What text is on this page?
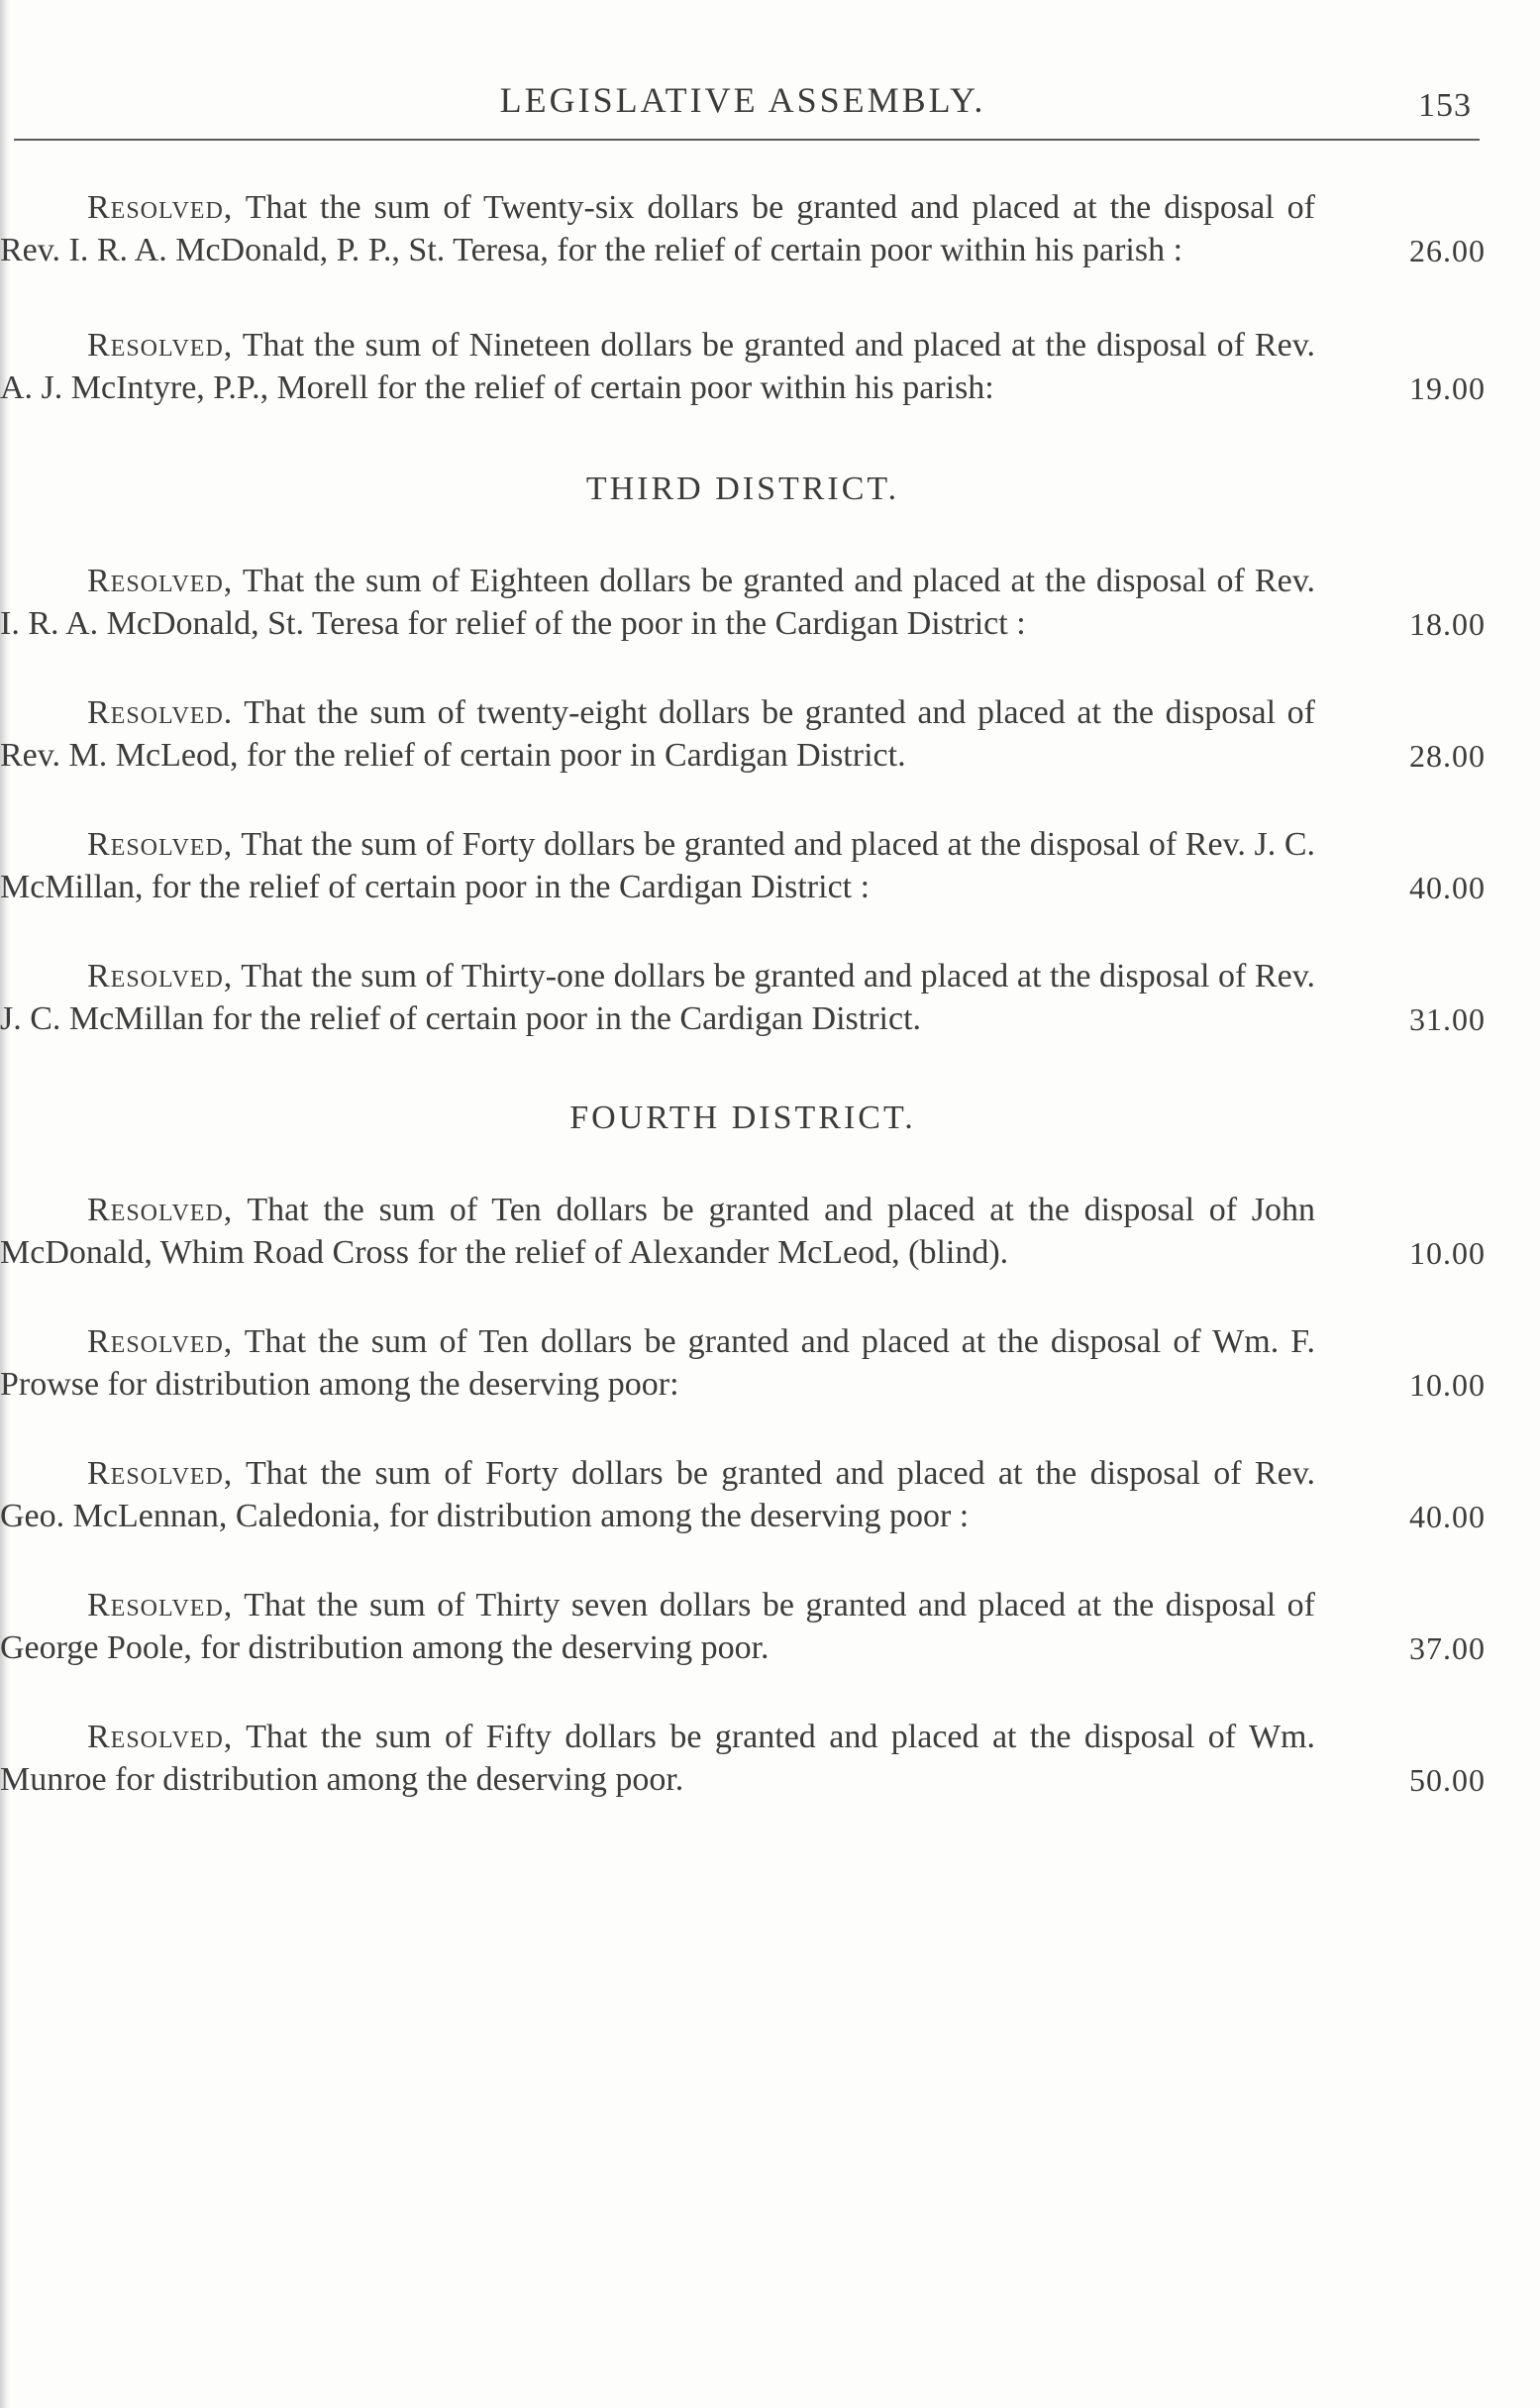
LEGISLATIVE ASSEMBLY.	153
Resolved, That the sum of Twenty-six dollars be granted and placed at the disposal of Rev. I. R. A. McDonald, P. P., St. Teresa, for the relief of certain poor within his parish :	26.00
Resolved, That the sum of Nineteen dollars be granted and placed at the disposal of Rev. A. J. McIntyre, P.P., Morell for the relief of certain poor within his parish:	19.00
THIRD DISTRICT.
Resolved, That the sum of Eighteen dollars be granted and placed at the disposal of Rev. I. R. A. McDonald, St. Teresa for relief of the poor in the Cardigan District :	18.00
Resolved. That the sum of twenty-eight dollars be granted and placed at the disposal of Rev. M. McLeod, for the relief of certain poor in Cardigan District.	28.00
Resolved, That the sum of Forty dollars be granted and placed at the disposal of Rev. J. C. McMillan, for the relief of certain poor in the Cardigan District :	40.00
Resolved, That the sum of Thirty-one dollars be granted and placed at the disposal of Rev. J. C. McMillan for the relief of certain poor in the Cardigan District.	31.00
FOURTH DISTRICT.
Resolved, That the sum of Ten dollars be granted and placed at the disposal of John McDonald, Whim Road Cross for the relief of Alexander McLeod, (blind).	10.00
Resolved, That the sum of Ten dollars be granted and placed at the disposal of Wm. F. Prowse for distribution among the deserving poor:	10.00
Resolved, That the sum of Forty dollars be granted and placed at the disposal of Rev. Geo. McLennan, Caledonia, for distribution among the deserving poor :	40.00
Resolved, That the sum of Thirty seven dollars be granted and placed at the disposal of George Poole, for distribution among the deserving poor.	37.00
Resolved, That the sum of Fifty dollars be granted and placed at the disposal of Wm. Munroe for distribution among the deserving poor.	50.00
